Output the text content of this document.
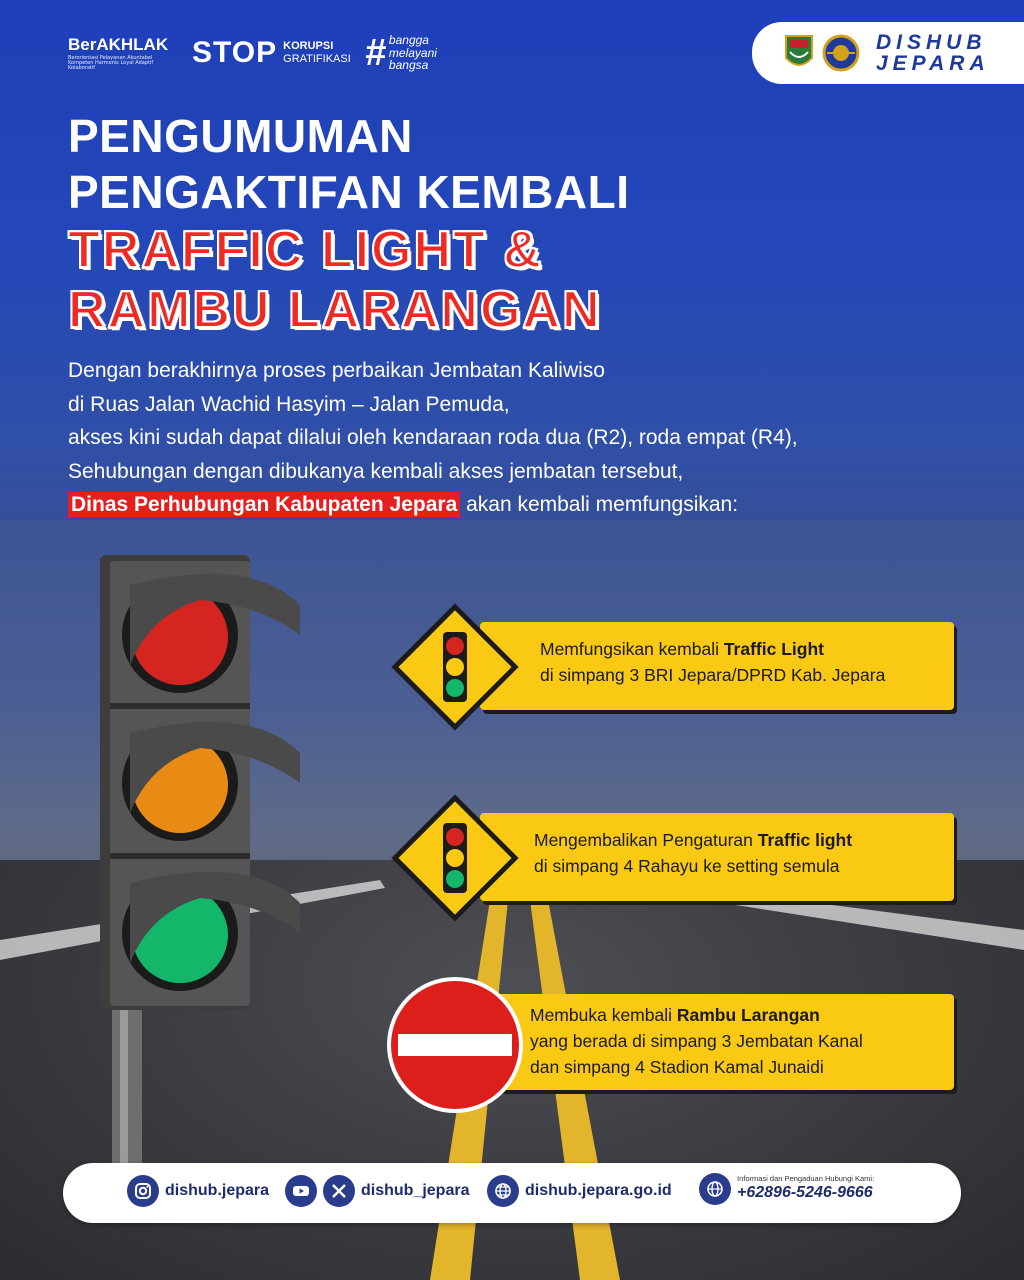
BerAKHLAK
Berorientasi Pelayanan Akuntabel Kompeten Harmonis Loyal Adaptif Kolaboratif	STOP KORUPSI
GRATIFIKASI # bangga
melayani
bangsa
DISHUB
JEPARA
PENGUMUMAN
PENGAKTIFAN KEMBALI
TRAFFIC LIGHT &
RAMBU LARANGAN
Dengan berakhirnya proses perbaikan Jembatan Kaliwiso
di Ruas Jalan Wachid Hasyim – Jalan Pemuda,
akses kini sudah dapat dilalui oleh kendaraan roda dua (R2), roda empat (R4),
Sehubungan dengan dibukanya kembali akses jembatan tersebut,
Dinas Perhubungan Kabupaten Jepara akan kembali memfungsikan:
Memfungsikan kembali Traffic Light
di simpang 3 BRI Jepara/DPRD Kab. Jepara
Mengembalikan Pengaturan Traffic light
di simpang 4 Rahayu ke setting semula
Membuka kembali Rambu Larangan
yang berada di simpang 3 Jembatan Kanal
dan simpang 4 Stadion Kamal Junaidi
dishub.jepara	dishub_jepara	dishub.jepara.go.id
Informasi dan Pengaduan Hubungi Kami:
+62896-5246-9666
